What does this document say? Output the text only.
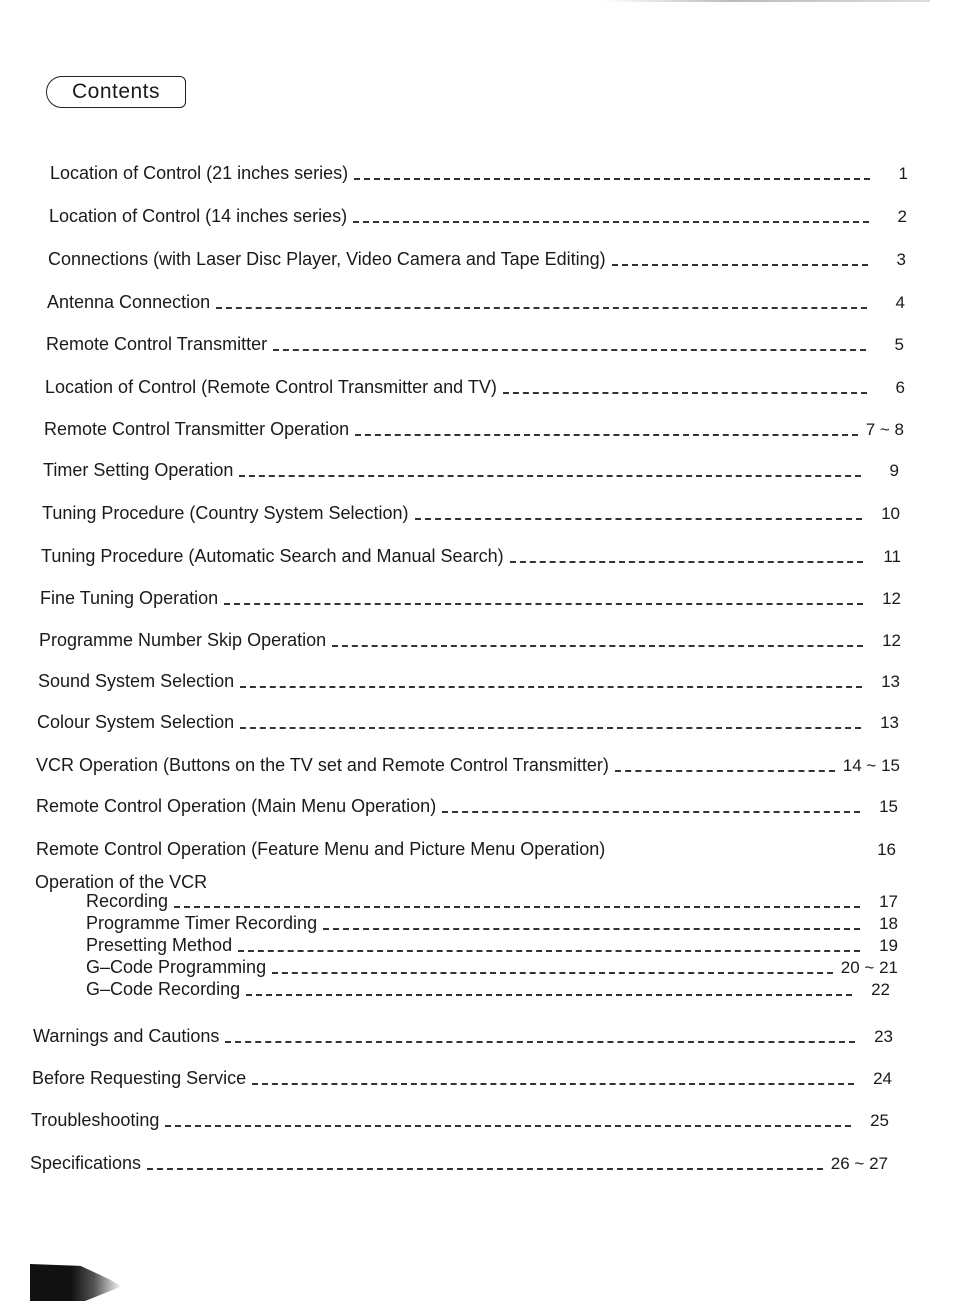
Contents
Location of Control (21 inches series)	1
Location of Control (14 inches series)	2
Connections (with Laser Disc Player, Video Camera and Tape Editing)	3
Antenna Connection	4
Remote Control Transmitter	5
Location of Control (Remote Control Transmitter and TV)	6
Remote Control Transmitter Operation	7 ~ 8
Timer Setting Operation	9
Tuning Procedure (Country System Selection)	10
Tuning Procedure (Automatic Search and Manual Search)	11
Fine Tuning Operation	12
Programme Number Skip Operation	12
Sound System Selection	13
Colour System Selection	13
VCR Operation (Buttons on the TV set and Remote Control Transmitter)	14 ~ 15
Remote Control Operation (Main Menu Operation)	15
Remote Control Operation (Feature Menu and Picture Menu Operation)	16
Operation of the VCR
Recording	17
Programme Timer Recording	18
Presetting Method	19
G–Code Programming	20 ~ 21
G–Code Recording	22
Warnings and Cautions	23
Before Requesting Service	24
Troubleshooting	25
Specifications	26 ~ 27
